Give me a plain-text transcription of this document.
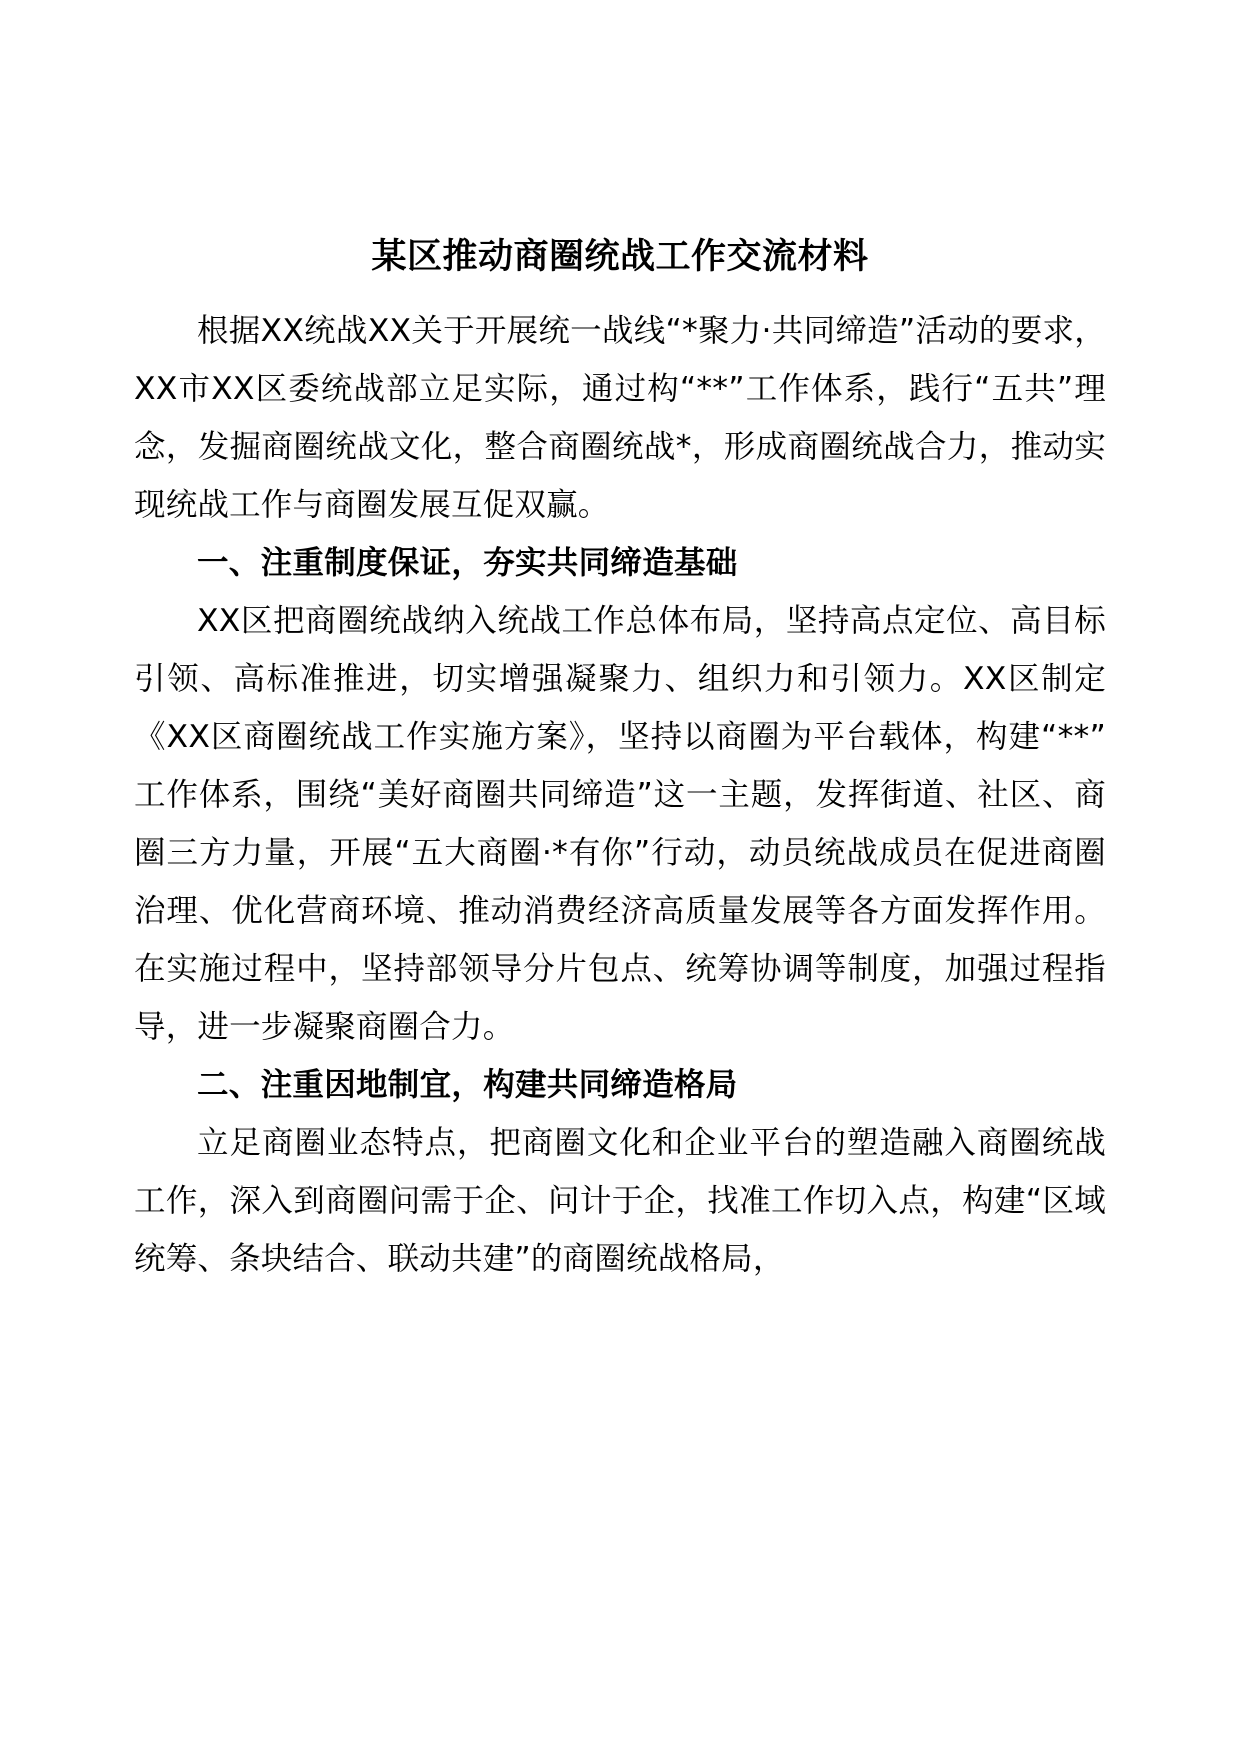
某区推动商圈统战工作交流材料

根据XX统战XX关于开展统一战线“*聚力·共同缔造”活动的要求，XX市XX区委统战部立足实际，通过构“**”工作体系，践行“五共”理念，发掘商圈统战文化，整合商圈统战*，形成商圈统战合力，推动实现统战工作与商圈发展互促双赢。

一、注重制度保证，夯实共同缔造基础

XX区把商圈统战纳入统战工作总体布局，坚持高点定位、高目标引领、高标准推进，切实增强凝聚力、组织力和引领力。XX区制定《XX区商圈统战工作实施方案》，坚持以商圈为平台载体，构建“**”工作体系，围绕“美好商圈共同缔造”这一主题，发挥街道、社区、商圈三方力量，开展“五大商圈·*有你”行动，动员统战成员在促进商圈治理、优化营商环境、推动消费经济高质量发展等各方面发挥作用。在实施过程中，坚持部领导分片包点、统筹协调等制度，加强过程指导，进一步凝聚商圈合力。

二、注重因地制宜，构建共同缔造格局

立足商圈业态特点，把商圈文化和企业平台的塑造融入商圈统战工作，深入到商圈问需于企、问计于企，找准工作切入点，构建“区域统筹、条块结合、联动共建”的商圈统战格局，
